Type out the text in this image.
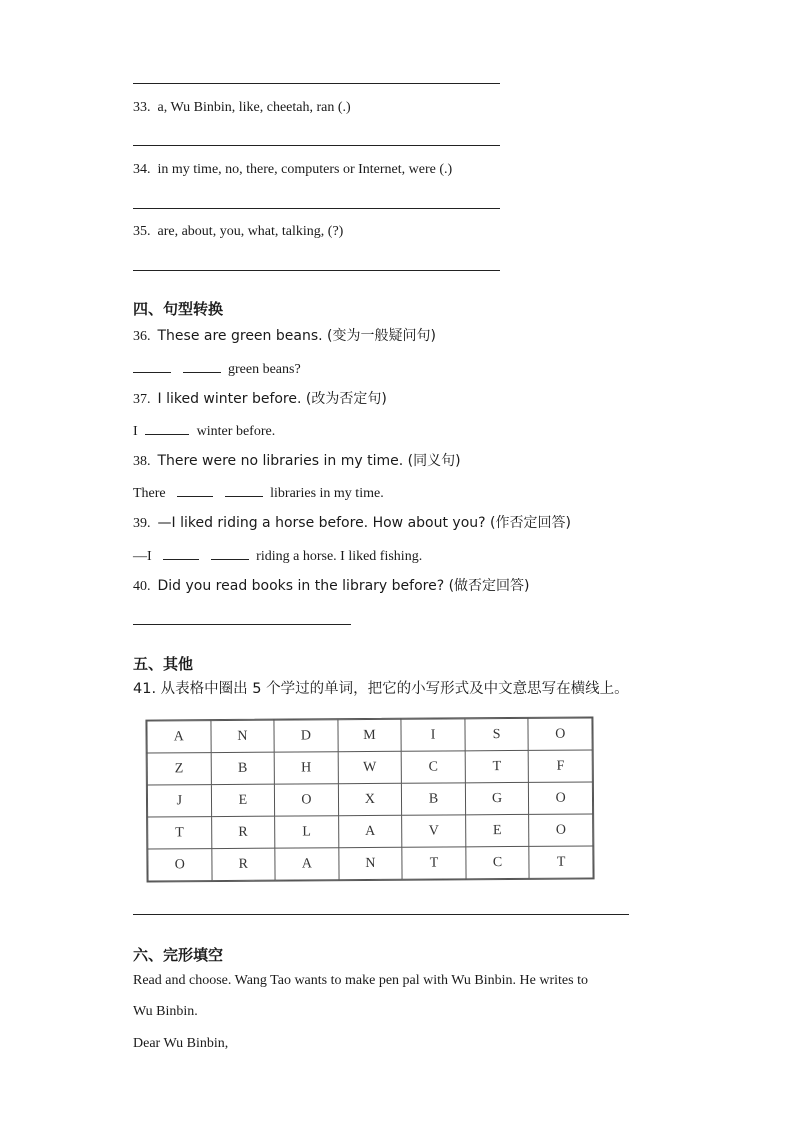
33. a, Wu Binbin, like, cheetah, ran (.)
34. in my time, no, there, computers or Internet, were (.)
35. are, about, you, what, talking, (?)
四、句型转换
36. These are green beans. (变为一般疑问句)
green beans?
37. I liked winter before. (改为否定句)
I	winter before.
38. There were no libraries in my time. (同义句)
There	libraries in my time.
39. —I liked riding a horse before. How about you? (作否定回答)
—I	riding a horse. I liked fishing.
40. Did you read books in the library before? (做否定回答)
五、其他
41. 从表格中圈出 5 个学过的单词，把它的小写形式及中文意思写在横线上。
A	N	D	M	I	S	O
Z	B	H	W	C	T	F
J	E	O	X	B	G	O
T	R	L	A	V	E	O
O	R	A	N	T	C	T
六、完形填空
Read and choose. Wang Tao wants to make pen pal with Wu Binbin. He writes to
Wu Binbin.
Dear Wu Binbin,
